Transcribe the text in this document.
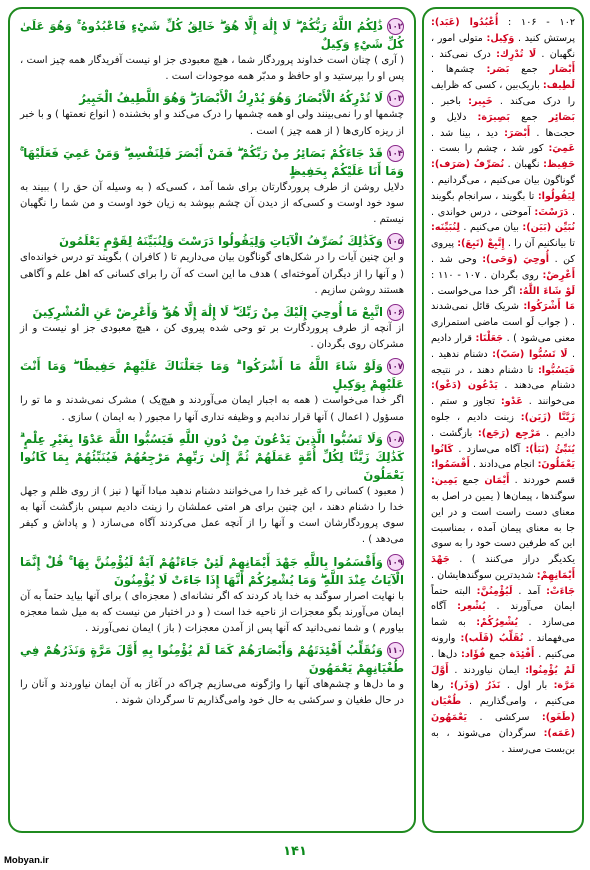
۱۰۲ذَٰلِكُمُ اللَّهُ رَبُّكُمْ ۖ لَا إِلَٰهَ إِلَّا هُوَ ۖ خَالِقُ كُلِّ شَيْءٍ فَاعْبُدُوهُ ۚ وَهُوَ عَلَىٰ كُلِّ شَيْءٍ وَكِيلٌ

( آری ) چنان است خداوند پروردگار شما ، هیچ معبودی جز او نیست آفریدگار همه چیز است ، پس او را بپرستید و او حافظ و مدبّر همه موجودات است .

۱۰۳لَا تُدْرِكُهُ الْأَبْصَارُ وَهُوَ يُدْرِكُ الْأَبْصَارَ ۖ وَهُوَ اللَّطِيفُ الْخَبِيرُ

چشمها او را نمی‌بینند ولی او همه چشمها را درک می‌کند و او بخشنده ( انواع نعمتها ) و با خبر از ریزه کاری‌ها ( از همه چیز ) است .

۱۰۴قَدْ جَاءَكُمْ بَصَائِرُ مِنْ رَبِّكُمْ ۖ فَمَنْ أَبْصَرَ فَلِنَفْسِهِ ۖ وَمَنْ عَمِيَ فَعَلَيْهَا ۚ وَمَا أَنَا عَلَيْكُمْ بِحَفِيظٍ

دلایل روشن از طرف پروردگارتان برای شما آمد ، کسی‌که ( به وسیله آن حق را ) ببیند به سود خود اوست و کسی‌که از دیدن آن چشم بپوشد به زیان خود اوست و من شما را نگهبان نیستم .

۱۰۵وَكَذَٰلِكَ نُصَرِّفُ الْآيَاتِ وَلِيَقُولُوا دَرَسْتَ وَلِنُبَيِّنَهُ لِقَوْمٍ يَعْلَمُونَ

و این چنین آیات را در شکل‌های گوناگون بیان می‌داریم تا ( کافران ) بگویند تو درس خوانده‌ای ( و آنها را از دیگران آموخته‌ای ) هدف ما این است که آن را برای کسانی که اهل علم و آگاهی هستند روشن سازیم .

۱۰۶اتَّبِعْ مَا أُوحِيَ إِلَيْكَ مِنْ رَبِّكَ ۖ لَا إِلَٰهَ إِلَّا هُوَ ۖ وَأَعْرِضْ عَنِ الْمُشْرِكِينَ

از آنچه از طرف پروردگارت بر تو وحی شده پیروی کن ، هیچ معبودی جز او نیست و از مشرکان روی بگردان .

۱۰۷وَلَوْ شَاءَ اللَّهُ مَا أَشْرَكُوا ۗ وَمَا جَعَلْنَاكَ عَلَيْهِمْ حَفِيظًا ۖ وَمَا أَنْتَ عَلَيْهِمْ بِوَكِيلٍ

اگر خدا می‌خواست ( همه به اجبار ایمان می‌آوردند و هیچ‌یک ) مشرک نمی‌شدند و ما تو را مسؤول ( اعمال ) آنها قرار ندادیم و وظیفه نداری آنها را مجبور ( به ایمان ) سازی .

۱۰۸وَلَا تَسُبُّوا الَّذِينَ يَدْعُونَ مِنْ دُونِ اللَّهِ فَيَسُبُّوا اللَّهَ عَدْوًا بِغَيْرِ عِلْمٍ ۗ كَذَٰلِكَ زَيَّنَّا لِكُلِّ أُمَّةٍ عَمَلَهُمْ ثُمَّ إِلَىٰ رَبِّهِمْ مَرْجِعُهُمْ فَيُنَبِّئُهُمْ بِمَا كَانُوا يَعْمَلُونَ

( معبود ) کسانی را که غیر خدا را می‌خوانند دشنام ندهید مبادا آنها ( نیز ) از روی ظلم و جهل خدا را دشنام دهند ، این چنین برای هر امتی عملشان را زینت دادیم سپس بازگشت آنها به سوی پروردگارشان است و آنها را از آنچه عمل می‌کردند آگاه می‌سازد ( و پاداش و کیفر می‌دهد ) .

۱۰۹وَأَقْسَمُوا بِاللَّهِ جَهْدَ أَيْمَانِهِمْ لَئِنْ جَاءَتْهُمْ آيَةٌ لَيُؤْمِنُنَّ بِهَا ۚ قُلْ إِنَّمَا الْآيَاتُ عِنْدَ اللَّهِ ۖ وَمَا يُشْعِرُكُمْ أَنَّهَا إِذَا جَاءَتْ لَا يُؤْمِنُونَ

با نهایت اصرار سوگند به خدا یاد کردند که اگر نشانه‌ای ( معجزه‌ای ) برای آنها بیاید حتماً به آن ایمان می‌آورند بگو معجزات از ناحیه خدا است ( و در اختیار من نیست که به میل شما معجزه بیاورم ) و شما نمی‌دانید که آنها پس از آمدن معجزات ( باز ) ایمان نمی‌آورند .

۱۱۰وَنُقَلِّبُ أَفْئِدَتَهُمْ وَأَبْصَارَهُمْ كَمَا لَمْ يُؤْمِنُوا بِهِ أَوَّلَ مَرَّةٍ وَنَذَرُهُمْ فِي طُغْيَانِهِمْ يَعْمَهُونَ

و ما دل‌ها و چشم‌های آنها را واژگونه می‌سازیم چراکه در آغاز به آن ایمان نیاوردند و آنان را در حال طغیان و سرکشی به حال خود وامی‌گذاریم تا سرگردان شوند .

۱۰۲ - ۱۰۶ : أُعْبُدُوا (عَبَد): پرستش کنید . وَكِيل: متولی امور ، نگهبان . لَا تُدْرِك: درک نمی‌کند . أَبْصَار جمع بَصَر: چشم‌ها . لَطِيف: باریک‌بین ، کسی که ظرایف را درک می‌کند . خَبِير: باخبر . بَصَائِر جمع بَصِيرَة: دلایل و حجت‌ها . أَبْصَرَ: دید ، بینا شد . عَمِيَ: کور شد ، چشم را بست . حَفِيظ: نگهبان . نُصَرِّفُ (صَرَف): گوناگون بیان می‌کنیم ، می‌گردانیم . لِيَقُولُوا: تا بگویند ، سرانجام بگویند . دَرَسْتَ: آموختی ، درس خواندی . نُبَيِّن (بَيَن): بیان می‌کنیم . لِنُبَيِّنَه: تا بیانکنیم آن را . إِتَّبِعْ (تَبِعَ): پیروی کن . أُوحِيَ (وَحَى): وحی شد . أَعْرِضْ: روی بگردان . ۱۰۷ - ۱۱۰ : لَوْ شَاءَ اللَّهُ: اگر خدا می‌خواست . مَا أَشْرَكُوا: شریک قائل نمی‌شدند . ( جواب لَو است ماضی استمراری معنی می‌شود ) . جَعَلْنَا: قرار دادیم . لَا تَسُبُّوا (سَبّ): دشنام ندهید . فَيَسُبُّوا: تا دشنام دهند ، در نتیجه دشنام می‌دهند . يَدْعُون (دَعْو): می‌خوانند . عَدْو: تجاوز و ستم . زَيَّنَّا (زَيَن): زینت دادیم ، جلوه دادیم . مَرْجِع (رَجَع): بازگشت . يُنَبِّئُ (نَبَأ): آگاه می‌سازد . كَانُوا يَعْمَلُونَ: انجام می‌دادند . أَقْسَمُوا: قسم خوردند . أَيْمَان جمع يَمِين: سوگندها ، پیمان‌ها ( یمین در اصل به معنای دست راست است و در این جا به معنای پیمان آمده ، بمناسبت این که طرفین دست خود را به سوی یکدیگر دراز می‌کنند ) . جَهْدَ أَيْمَانِهِمْ: شدیدترین سوگندهایشان . جَاءَتْ: آمد . لَيُؤْمِنُنَّ: البته حتماً ایمان می‌آورند . يُشْعِر: آگاه می‌سازد . يُشْعِرُكُمْ: به شما می‌فهماند . نُقَلِّبُ (قَلَب): وارونه می‌کنیم . أَفْئِدَة جمع فُؤَاد: دل‌ها . لَمْ يُؤْمِنُوا: ایمان نیاوردند . أَوَّلَ مَرَّة: بار اول . نَذَرُ (وَذَر): رها می‌کنیم ، وامی‌گذاریم . طُغْيَان (طَغَو): سرکشی . يَعْمَهُونَ (عَمَه): سرگردان می‌شوند ، به بن‌بست می‌رسند .

۱۴۱
Mobyan.ir
